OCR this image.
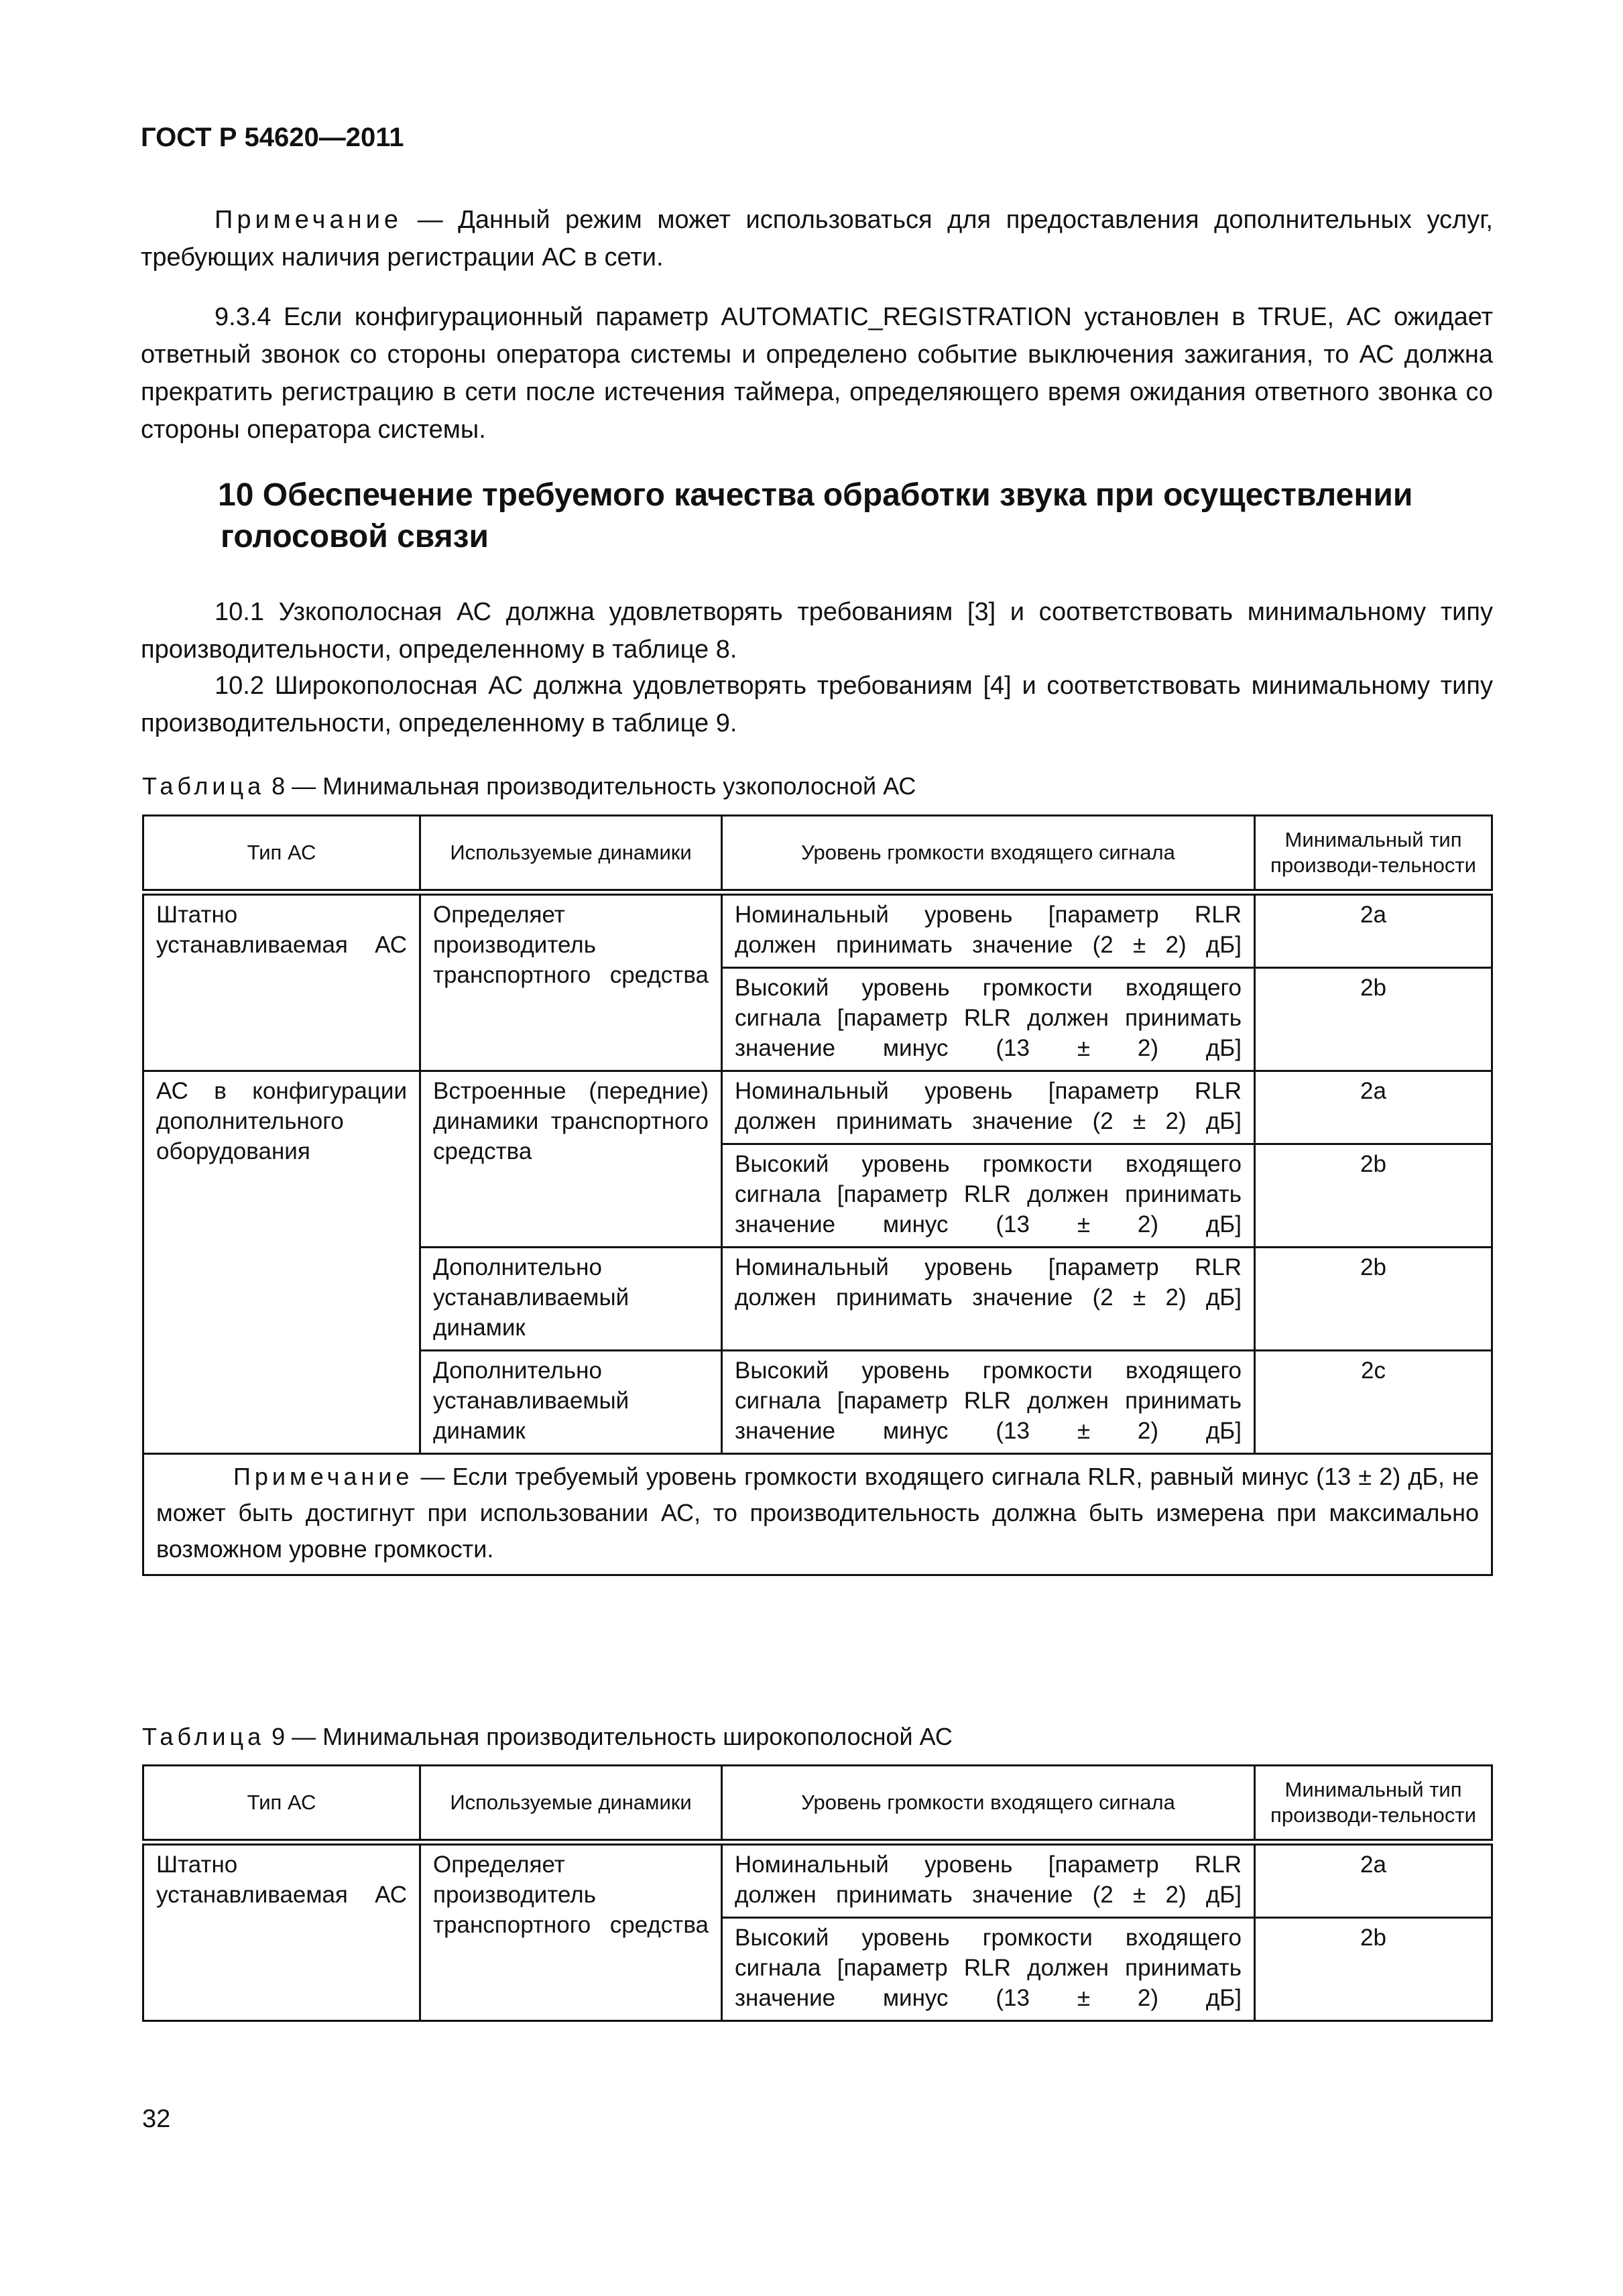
ГОСТ Р 54620—2011

Примечание — Данный режим может использоваться для предоставления дополнительных услуг, требующих наличия регистрации АС в сети.

9.3.4 Если конфигурационный параметр AUTOMATIC_REGISTRATION установлен в TRUE, АС ожидает ответный звонок со стороны оператора системы и определено событие выключения зажигания, то АС должна прекратить регистрацию в сети после истечения таймера, определяющего время ожидания ответного звонка со стороны оператора системы.

10 Обеспечение требуемого качества обработки звука при осуществлении
голосовой связи

10.1 Узкополосная АС должна удовлетворять требованиям [3] и соответствовать минимальному типу производительности, определенному в таблице 8.

10.2 Широкополосная АС должна удовлетворять требованиям [4] и соответствовать минимальному типу производительности, определенному в таблице 9.

Таблица 8 — Минимальная производительность узкополосной АС
Тип АС	Используемые динамики	Уровень громкости входящего сигнала	Минимальный тип производи-тельности
Штатно устанавливаемая АС	Определяет производитель транспортного средства	Номинальный уровень [параметр RLR должен принимать значение (2 ± 2) дБ]	2a
		Высокий уровень громкости входящего сигнала [параметр RLR должен принимать значение минус (13 ± 2) дБ]	2b
АС в конфигурации дополнительного оборудования	Встроенные (передние) динамики транспортного средства	Номинальный уровень [параметр RLR должен принимать значение (2 ± 2) дБ]	2a
		Высокий уровень громкости входящего сигнала [параметр RLR должен принимать значение минус (13 ± 2) дБ]	2b
	Дополнительно устанавливаемый динамик	Номинальный уровень [параметр RLR должен принимать значение (2 ± 2) дБ]	2b
	Дополнительно устанавливаемый динамик	Высокий уровень громкости входящего сигнала [параметр RLR должен принимать значение минус (13 ± 2) дБ]	2c

Примечание — Если требуемый уровень громкости входящего сигнала RLR, равный минус (13 ± 2) дБ, не может быть достигнут при использовании АС, то производительность должна быть измерена при максимально возможном уровне громкости.			

Таблица 9 — Минимальная производительность широкополосной АС
Тип АС	Используемые динамики	Уровень громкости входящего сигнала	Минимальный тип производи-тельности
Штатно устанавливаемая АС	Определяет производитель транспортного средства	Номинальный уровень [параметр RLR должен принимать значение (2 ± 2) дБ]	2a
		Высокий уровень громкости входящего сигнала [параметр RLR должен принимать значение минус (13 ± 2) дБ]	2b
32
